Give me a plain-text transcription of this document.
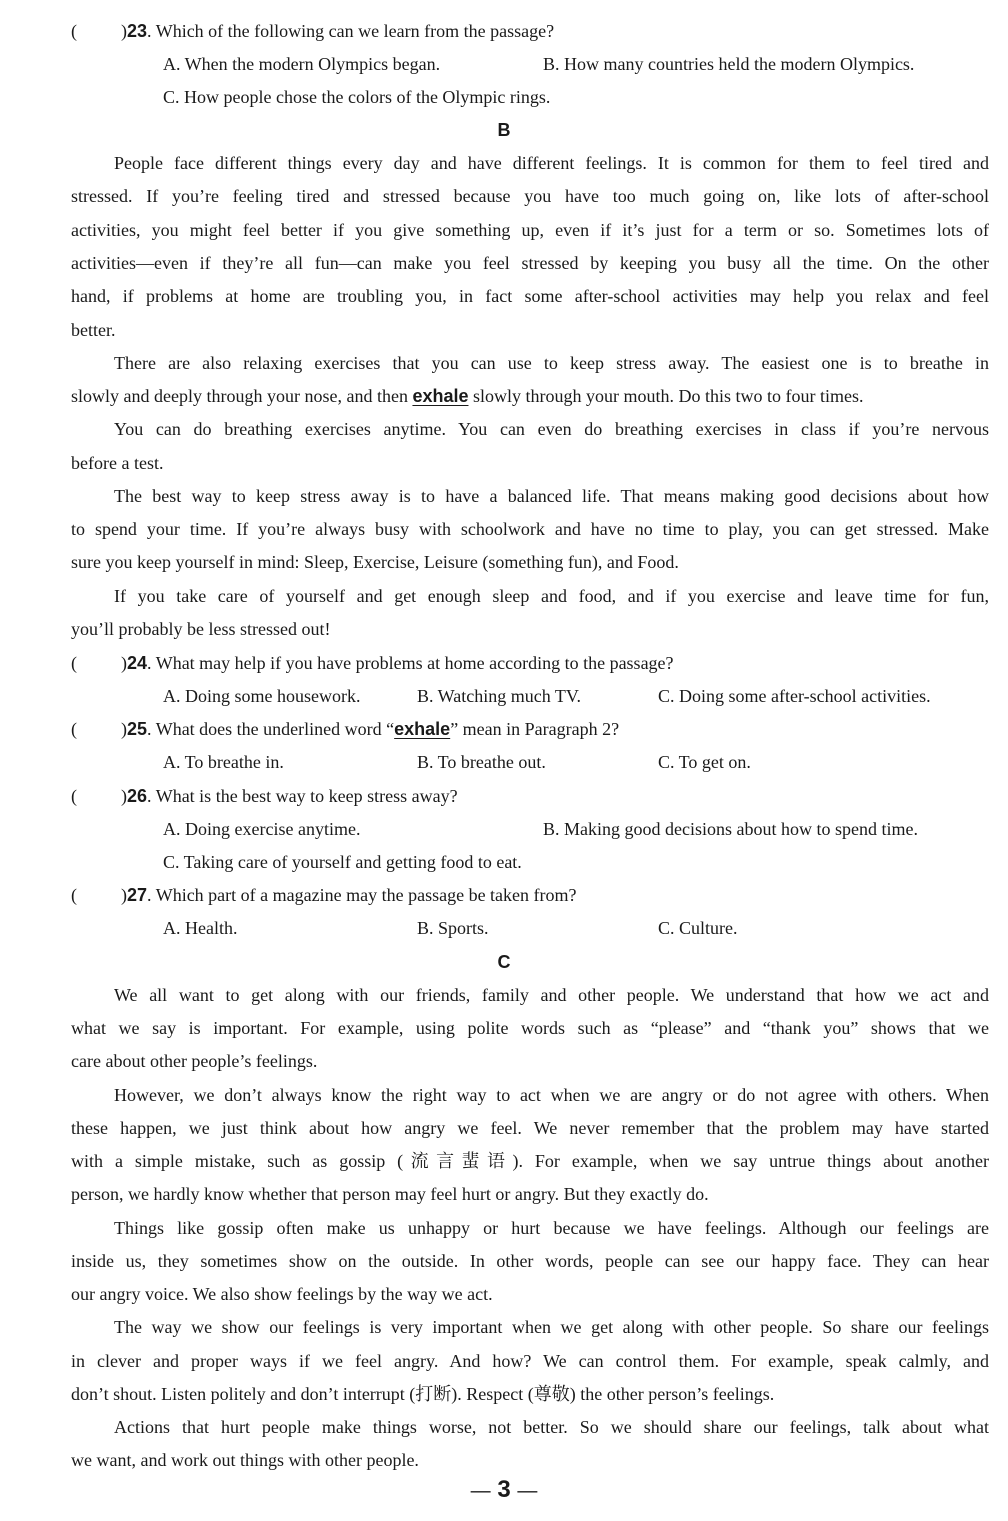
( )23. Which of the following can we learn from the passage?
A. When the modern Olympics began.	B. How many countries held the modern Olympics.
C. How people chose the colors of the Olympic rings.
B
People face different things every day and have different feelings. It is common for them to feel tired and
stressed. If you’re feeling tired and stressed because you have too much going on, like lots of after-school
activities, you might feel better if you give something up, even if it’s just for a term or so. Sometimes lots of
activities—even if they’re all fun—can make you feel stressed by keeping you busy all the time. On the other
hand, if problems at home are troubling you, in fact some after-school activities may help you relax and feel
better.
There are also relaxing exercises that you can use to keep stress away. The easiest one is to breathe in
slowly and deeply through your nose, and then exhale slowly through your mouth. Do this two to four times.
You can do breathing exercises anytime. You can even do breathing exercises in class if you’re nervous
before a test.
The best way to keep stress away is to have a balanced life. That means making good decisions about how
to spend your time. If you’re always busy with schoolwork and have no time to play, you can get stressed. Make
sure you keep yourself in mind: Sleep, Exercise, Leisure (something fun), and Food.
If you take care of yourself and get enough sleep and food, and if you exercise and leave time for fun,
you’ll probably be less stressed out!
( )24. What may help if you have problems at home according to the passage?
A. Doing some housework.	B. Watching much TV.	C. Doing some after-school activities.
( )25. What does the underlined word “exhale” mean in Paragraph 2?
A. To breathe in.	B. To breathe out.	C. To get on.
( )26. What is the best way to keep stress away?
A. Doing exercise anytime.	B. Making good decisions about how to spend time.
C. Taking care of yourself and getting food to eat.
( )27. Which part of a magazine may the passage be taken from?
A. Health.	B. Sports.	C. Culture.
C
We all want to get along with our friends, family and other people. We understand that how we act and
what we say is important. For example, using polite words such as “please” and “thank you” shows that we
care about other people’s feelings.
However, we don’t always know the right way to act when we are angry or do not agree with others. When
these happen, we just think about how angry we feel. We never remember that the problem may have started
with a simple mistake, such as gossip (流言蜚语). For example, when we say untrue things about another
person, we hardly know whether that person may feel hurt or angry. But they exactly do.
Things like gossip often make us unhappy or hurt because we have feelings. Although our feelings are
inside us, they sometimes show on the outside. In other words, people can see our happy face. They can hear
our angry voice. We also show feelings by the way we act.
The way we show our feelings is very important when we get along with other people. So share our feelings
in clever and proper ways if we feel angry. And how? We can control them. For example, speak calmly, and
don’t shout. Listen politely and don’t interrupt (打断). Respect (尊敬) the other person’s feelings.
Actions that hurt people make things worse, not better. So we should share our feelings, talk about what
we want, and work out things with other people.
— 3 —
